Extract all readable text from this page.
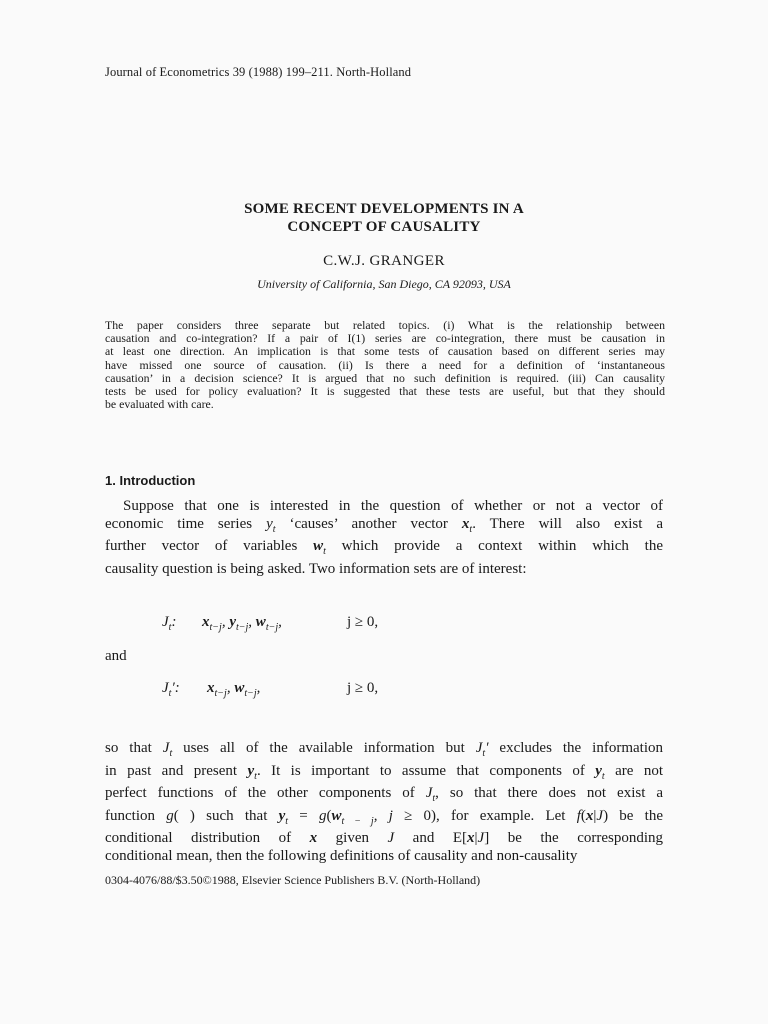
Journal of Econometrics 39 (1988) 199–211. North-Holland
SOME RECENT DEVELOPMENTS IN A
CONCEPT OF CAUSALITY
C.W.J. GRANGER
University of California, San Diego, CA 92093, USA
The paper considers three separate but related topics. (i) What is the relationship between
causation and co-integration? If a pair of I(1) series are co-integration, there must be causation in
at least one direction. An implication is that some tests of causation based on different series may
have missed one source of causation. (ii) Is there a need for a definition of ‘instantaneous
causation’ in a decision science? It is argued that no such definition is required. (iii) Can causality
tests be used for policy evaluation? It is suggested that these tests are useful, but that they should
be evaluated with care.
1. Introduction
Suppose that one is interested in the question of whether or not a vector of
economic time series $y_t$ ‘causes’ another vector $x_t$. There will also exist a
further vector of variables $w_t$ which provide a context within which the
causality question is being asked. Two information sets are of interest:
$J_t$: $x_{t-j}$, $y_{t-j}$, $w_{t-j}$,	j ≥ 0,
and
$J_t'$: $x_{t-j}$, $w_{t-j}$,	j ≥ 0,
so that $J_t$ uses all of the available information but $J_t'$ excludes the information
in past and present $y_t$. It is important to assume that components of $y_t$ are not
perfect functions of the other components of $J_t$, so that there does not exist a
function g( ) such that $y_t = g(w_{t - j}$, j ≥ 0), for example. Let f(x|J) be the
conditional distribution of x given J and E[x|J] be the corresponding
conditional mean, then the following definitions of causality and non-causality
0304-4076/88/$3.50©1988, Elsevier Science Publishers B.V. (North-Holland)
